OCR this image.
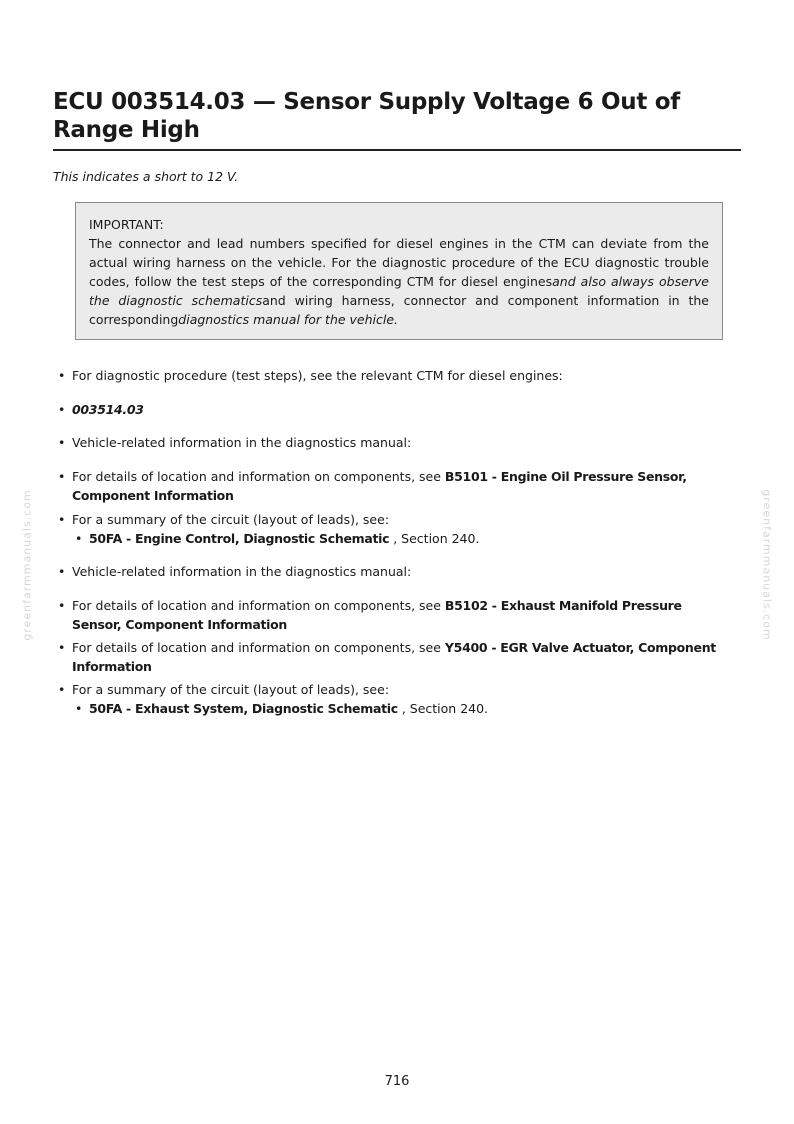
ECU 003514.03 — Sensor Supply Voltage 6 Out of Range High
This indicates a short to 12 V.
IMPORTANT:
The connector and lead numbers specified for diesel engines in the CTM can deviate from the actual wiring harness on the vehicle. For the diagnostic procedure of the ECU diagnostic trouble codes, follow the test steps of the corresponding CTM for diesel enginesand also always observe the diagnostic schematicsand wiring harness, connector and component information in the correspondingdiagnostics manual for the vehicle.
• For diagnostic procedure (test steps), see the relevant CTM for diesel engines:
• 003514.03
• Vehicle-related information in the diagnostics manual:
• For details of location and information on components, see B5101 - Engine Oil Pressure Sensor, Component Information
• For a summary of the circuit (layout of leads), see:
• 50FA - Engine Control, Diagnostic Schematic , Section 240.
• Vehicle-related information in the diagnostics manual:
• For details of location and information on components, see B5102 - Exhaust Manifold Pressure Sensor, Component Information
• For details of location and information on components, see Y5400 - EGR Valve Actuator, Component Information
• For a summary of the circuit (layout of leads), see:
• 50FA - Exhaust System, Diagnostic Schematic , Section 240.
greenfarmmanuals.com	greenfarmmanuals.com
716
